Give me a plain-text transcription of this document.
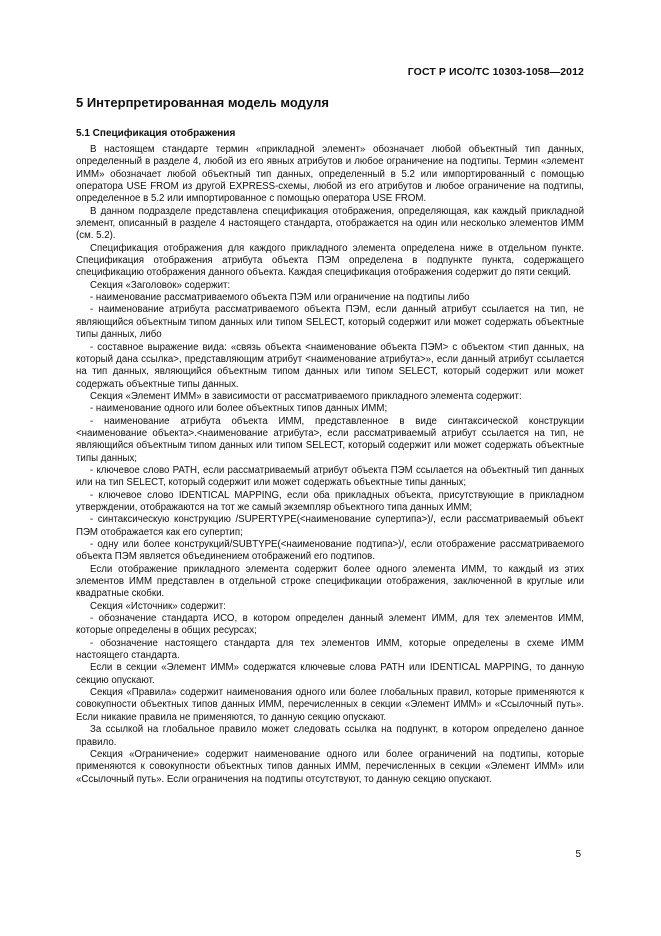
ГОСТ Р ИСО/ТС 10303-1058—2012
5 Интерпретированная модель модуля
5.1 Спецификация отображения

В настоящем стандарте термин «прикладной элемент» обозначает любой объектный тип данных, определенный в разделе 4, любой из его явных атрибутов и любое ограничение на подтипы. Термин «элемент ИММ» обозначает любой объектный тип данных, определенный в 5.2 или импортированный с помощью оператора USE FROM из другой EXPRESS-схемы, любой из его атрибутов и любое ограничение на подтипы, определенное в 5.2 или импортированное с помощью оператора USE FROM.

В данном подразделе представлена спецификация отображения, определяющая, как каждый прикладной элемент, описанный в разделе 4 настоящего стандарта, отображается на один или несколько элементов ИММ (см. 5.2).

Спецификация отображения для каждого прикладного элемента определена ниже в отдельном пункте. Спецификация отображения атрибута объекта ПЭМ определена в подпункте пункта, содержащего спецификацию отображения данного объекта. Каждая спецификация отображения содержит до пяти секций.

Секция «Заголовок» содержит:

- наименование рассматриваемого объекта ПЭМ или ограничение на подтипы либо

- наименование атрибута рассматриваемого объекта ПЭМ, если данный атрибут ссылается на тип, не являющийся объектным типом данных или типом SELECT, который содержит или может содержать объектные типы данных, либо

- составное выражение вида: «связь объекта <наименование объекта ПЭМ> с объектом <тип данных, на который дана ссылка>, представляющим атрибут <наименование атрибута>», если данный атрибут ссылается на тип данных, являющийся объектным типом данных или типом SELECT, который содержит или может содержать объектные типы данных.

Секция «Элемент ИММ» в зависимости от рассматриваемого прикладного элемента содержит:

- наименование одного или более объектных типов данных ИММ;

- наименование атрибута объекта ИММ, представленное в виде синтаксической конструкции <наименование объекта>.<наименование атрибута>, если рассматриваемый атрибут ссылается на тип, не являющийся объектным типом данных или типом SELECT, который содержит или может содержать объектные типы данных;

- ключевое слово PATH, если рассматриваемый атрибут объекта ПЭМ ссылается на объектный тип данных или на тип SELECT, который содержит или может содержать объектные типы данных;

- ключевое слово IDENTICAL MAPPING, если оба прикладных объекта, присутствующие в прикладном утверждении, отображаются на тот же самый экземпляр объектного типа данных ИММ;

- синтаксическую конструкцию /SUPERTYPE(<наименование супертипа>)/, если рассматриваемый объект ПЭМ отображается как его супертип;

- одну или более конструкций/SUBTYPE(<наименование подтипа>)/, если отображение рассматриваемого объекта ПЭМ является объединением отображений его подтипов.

Если отображение прикладного элемента содержит более одного элемента ИММ, то каждый из этих элементов ИММ представлен в отдельной строке спецификации отображения, заключенной в круглые или квадратные скобки.

Секция «Источник» содержит:

- обозначение стандарта ИСО, в котором определен данный элемент ИММ, для тех элементов ИММ, которые определены в общих ресурсах;

- обозначение настоящего стандарта для тех элементов ИММ, которые определены в схеме ИММ настоящего стандарта.

Если в секции «Элемент ИММ» содержатся ключевые слова PATH или IDENTICAL MAPPING, то данную секцию опускают.

Секция «Правила» содержит наименования одного или более глобальных правил, которые применяются к совокупности объектных типов данных ИММ, перечисленных в секции «Элемент ИММ» и «Ссылочный путь». Если никакие правила не применяются, то данную секцию опускают.

За ссылкой на глобальное правило может следовать ссылка на подпункт, в котором определено данное правило.

Секция «Ограничение» содержит наименование одного или более ограничений на подтипы, которые применяются к совокупности объектных типов данных ИММ, перечисленных в секции «Элемент ИММ» или «Ссылочный путь». Если ограничения на подтипы отсутствуют, то данную секцию опускают.

5
